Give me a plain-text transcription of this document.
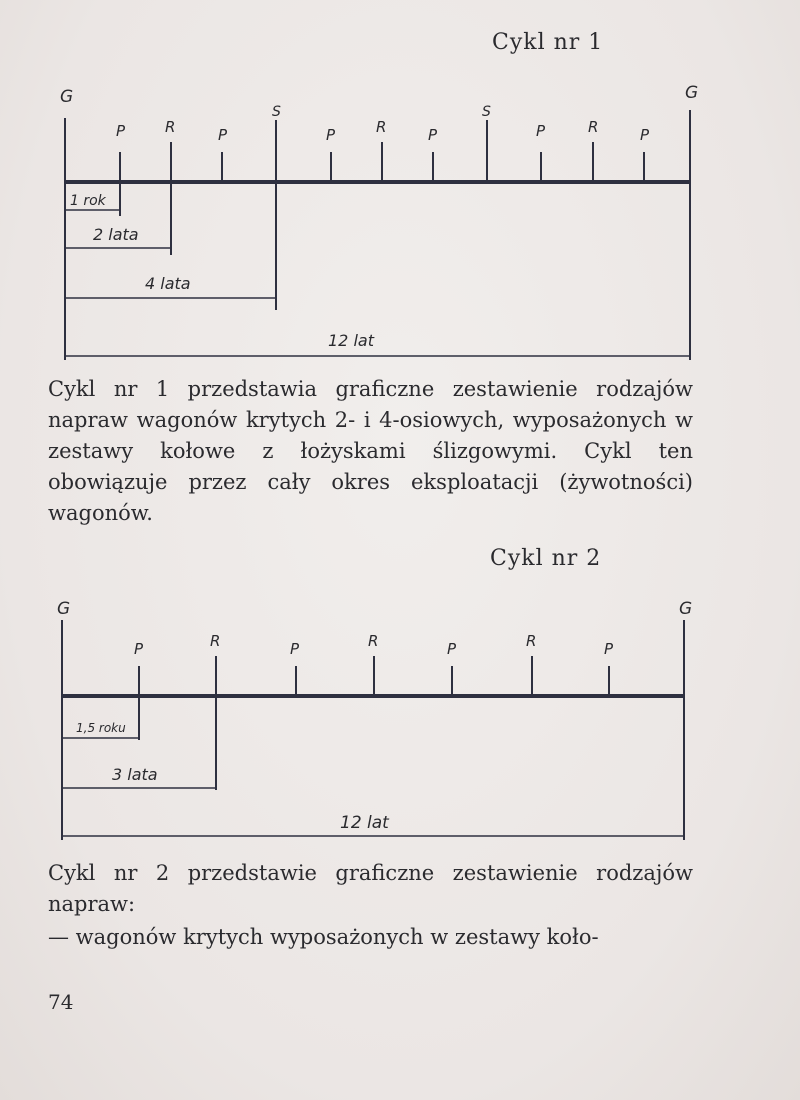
Cykl nr 1
G
P	R	P
S
P	R	P
S
P	R	P
G
1 rok
2 lata
4 lata
12 lat

Cykl nr 1 przedstawia graficzne zestawienie rodzajów napraw wagonów krytych 2- i 4-osiowych, wyposażonych w zestawy kołowe z łożyskami ślizgowymi. Cykl ten obowiązuje przez cały okres eksploatacji (żywotności) wagonów.

Cykl nr 2
G
P	R	P	R	P	R	P
G
1,5 roku
3 lata
12 lat

Cykl nr 2 przedstawie graficzne zestawienie rodzajów napraw:

— wagonów krytych wyposażonych w zestawy koło-
74
